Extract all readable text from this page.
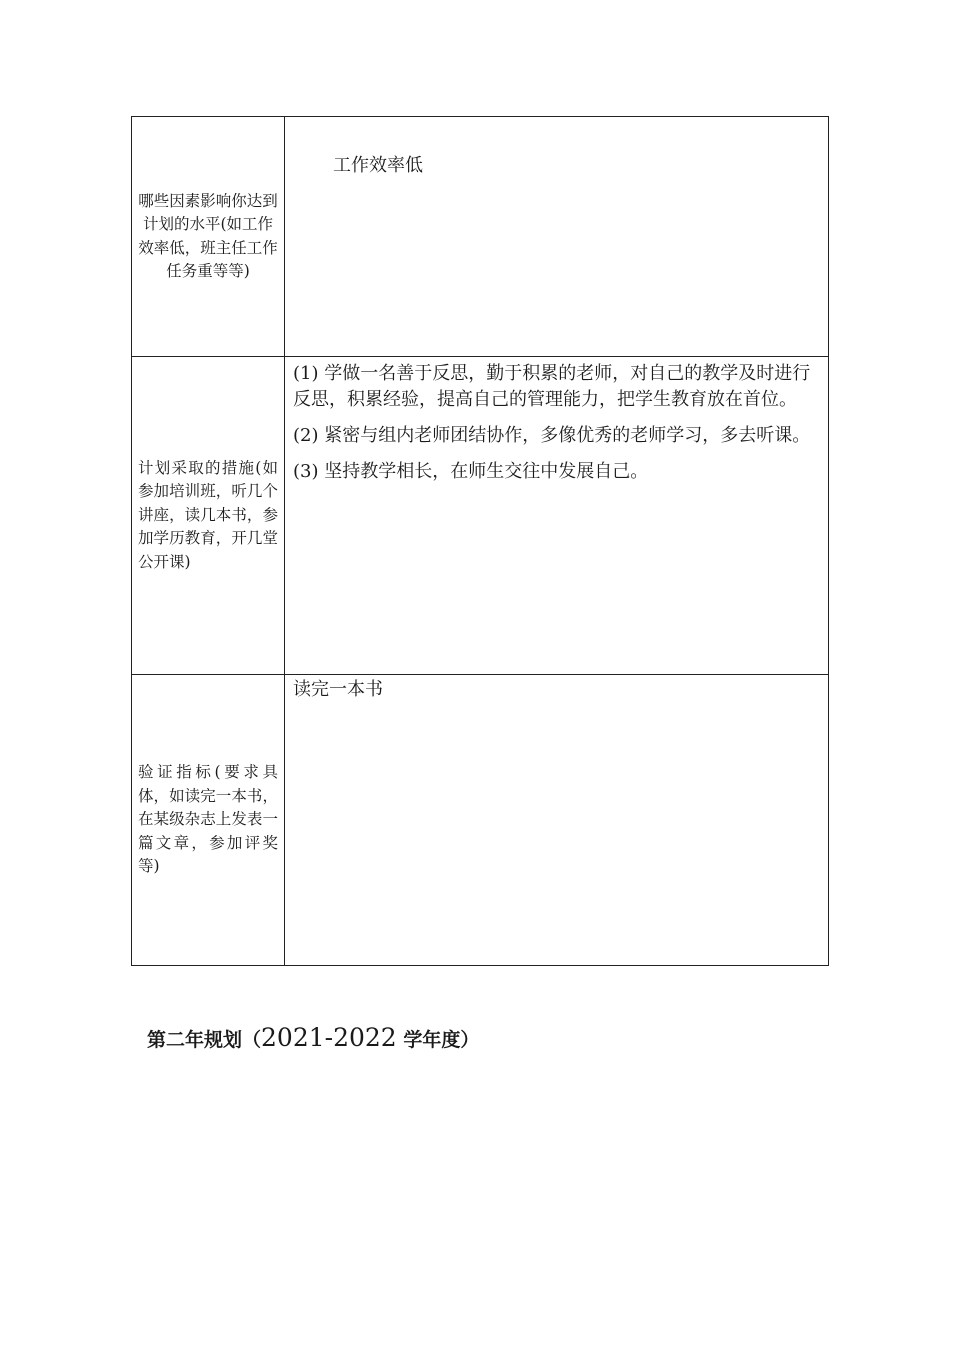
哪些因素影响你达到计划的水平(如工作效率低，班主任工作任务重等等)	工作效率低
计划采取的措施(如参加培训班，听几个讲座，读几本书，参加学历教育，开几堂公开课)	(1) 学做一名善于反思，勤于积累的老师，对自己的教学及时进行反思，积累经验，提高自己的管理能力，把学生教育放在首位。

(2) 紧密与组内老师团结协作，多像优秀的老师学习，多去听课。

(3) 坚持教学相长，在师生交往中发展自己。

验证指标(要求具体，如读完一本书，在某级杂志上发表一篇文章，参加评奖等)	读完一本书
第二年规划（2021-2022 学年度）
